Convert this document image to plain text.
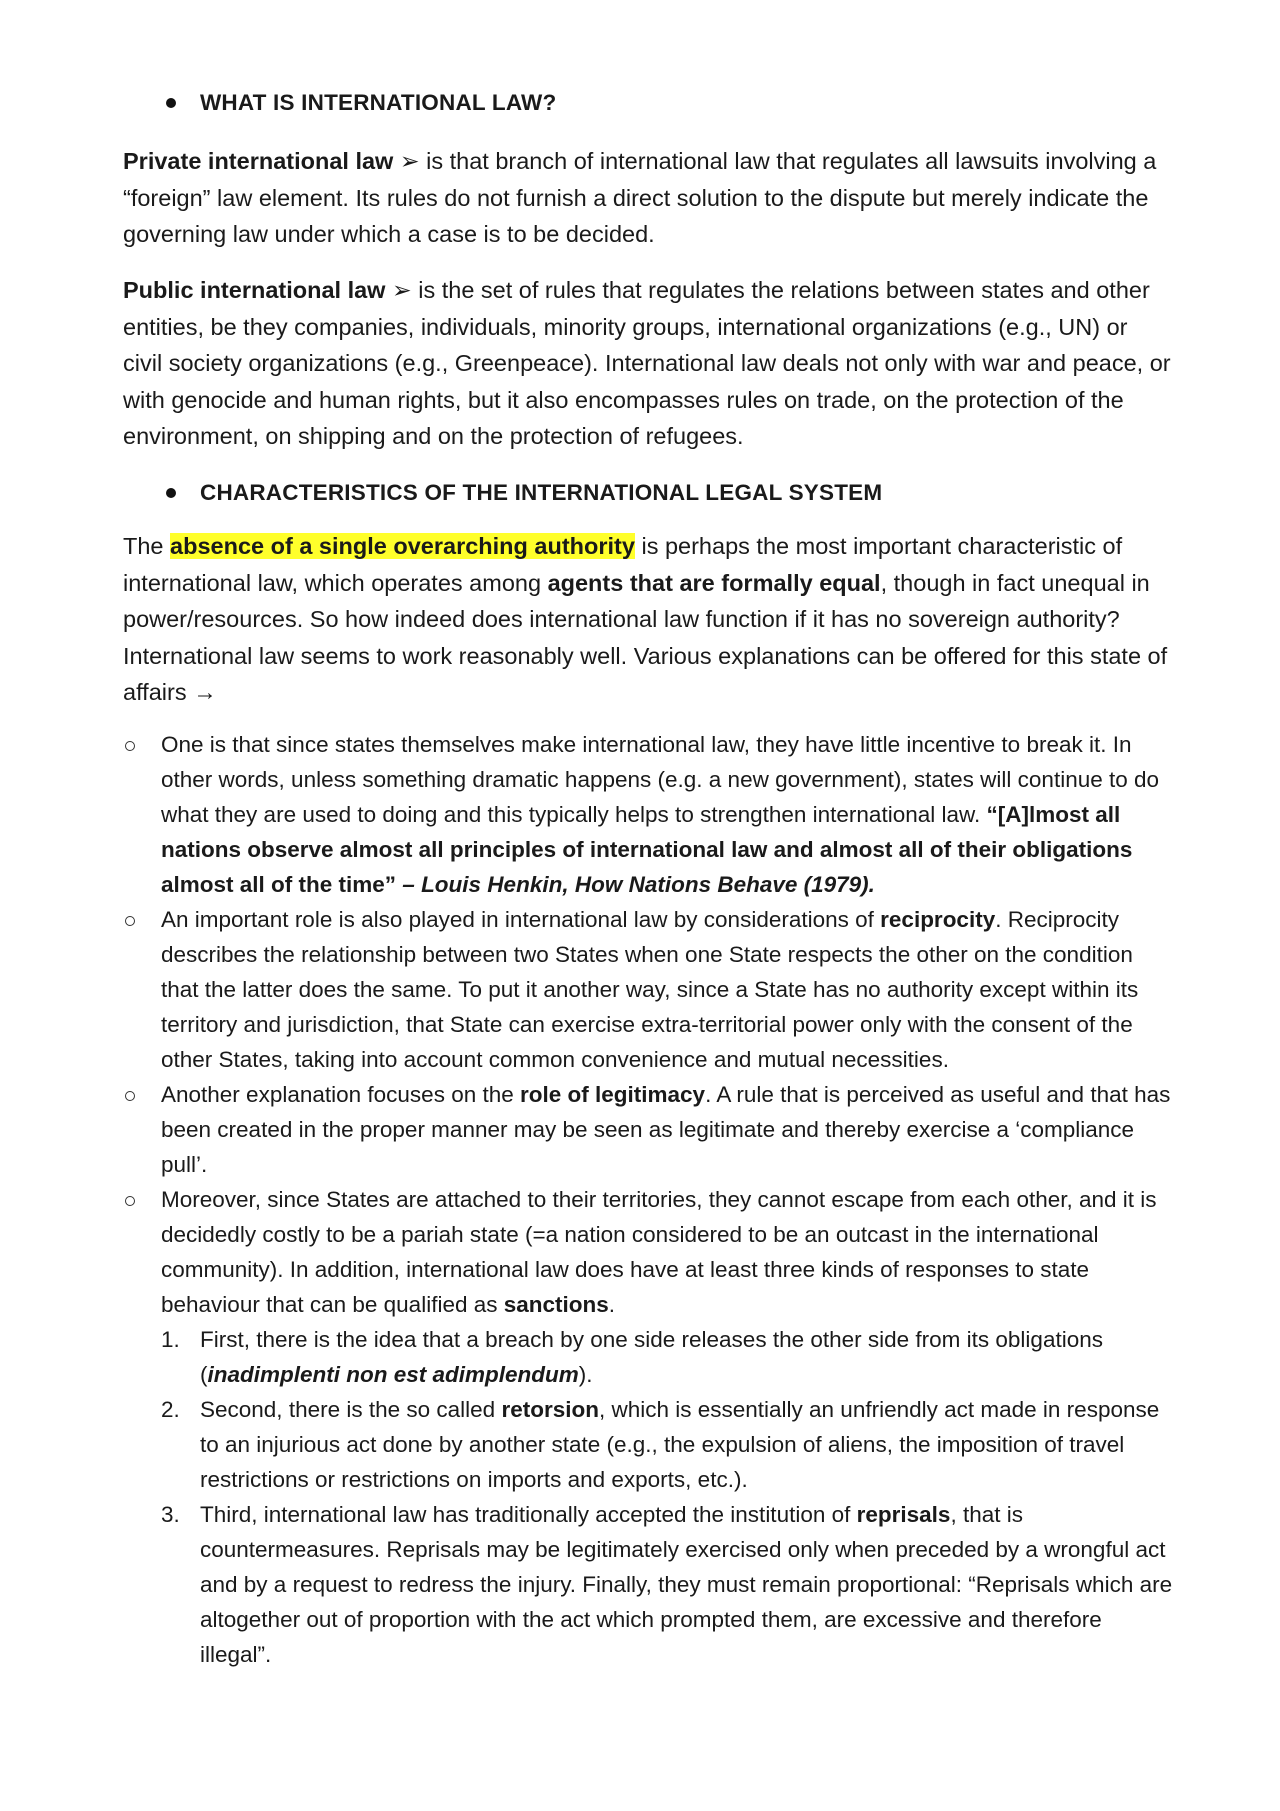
WHAT IS INTERNATIONAL LAW?

Private international law ➢ is that branch of international law that regulates all lawsuits involving a “foreign” law element. Its rules do not furnish a direct solution to the dispute but merely indicate the governing law under which a case is to be decided.

Public international law ➢ is the set of rules that regulates the relations between states and other entities, be they companies, individuals, minority groups, international organizations (e.g., UN) or civil society organizations (e.g., Greenpeace). International law deals not only with war and peace, or with genocide and human rights, but it also encompasses rules on trade, on the protection of the environment, on shipping and on the protection of refugees.

CHARACTERISTICS OF THE INTERNATIONAL LEGAL SYSTEM

The absence of a single overarching authority is perhaps the most important characteristic of international law, which operates among agents that are formally equal, though in fact unequal in power/resources. So how indeed does international law function if it has no sovereign authority? International law seems to work reasonably well. Various explanations can be offered for this state of affairs →

One is that since states themselves make international law, they have little incentive to break it. In other words, unless something dramatic happens (e.g. a new government), states will continue to do what they are used to doing and this typically helps to strengthen international law. “[A]lmost all nations observe almost all principles of international law and almost all of their obligations almost all of the time” – Louis Henkin, How Nations Behave (1979).
An important role is also played in international law by considerations of reciprocity. Reciprocity describes the relationship between two States when one State respects the other on the condition that the latter does the same. To put it another way, since a State has no authority except within its territory and jurisdiction, that State can exercise extra-territorial power only with the consent of the other States, taking into account common convenience and mutual necessities.
Another explanation focuses on the role of legitimacy. A rule that is perceived as useful and that has been created in the proper manner may be seen as legitimate and thereby exercise a ‘compliance pull’.
Moreover, since States are attached to their territories, they cannot escape from each other, and it is decidedly costly to be a pariah state (=a nation considered to be an outcast in the international community). In addition, international law does have at least three kinds of responses to state behaviour that can be qualified as sanctions.
1. First, there is the idea that a breach by one side releases the other side from its obligations (inadimplenti non est adimplendum).
2. Second, there is the so called retorsion, which is essentially an unfriendly act made in response to an injurious act done by another state (e.g., the expulsion of aliens, the imposition of travel restrictions or restrictions on imports and exports, etc.).
3. Third, international law has traditionally accepted the institution of reprisals, that is countermeasures. Reprisals may be legitimately exercised only when preceded by a wrongful act and by a request to redress the injury. Finally, they must remain proportional: “Reprisals which are altogether out of proportion with the act which prompted them, are excessive and therefore illegal”.
